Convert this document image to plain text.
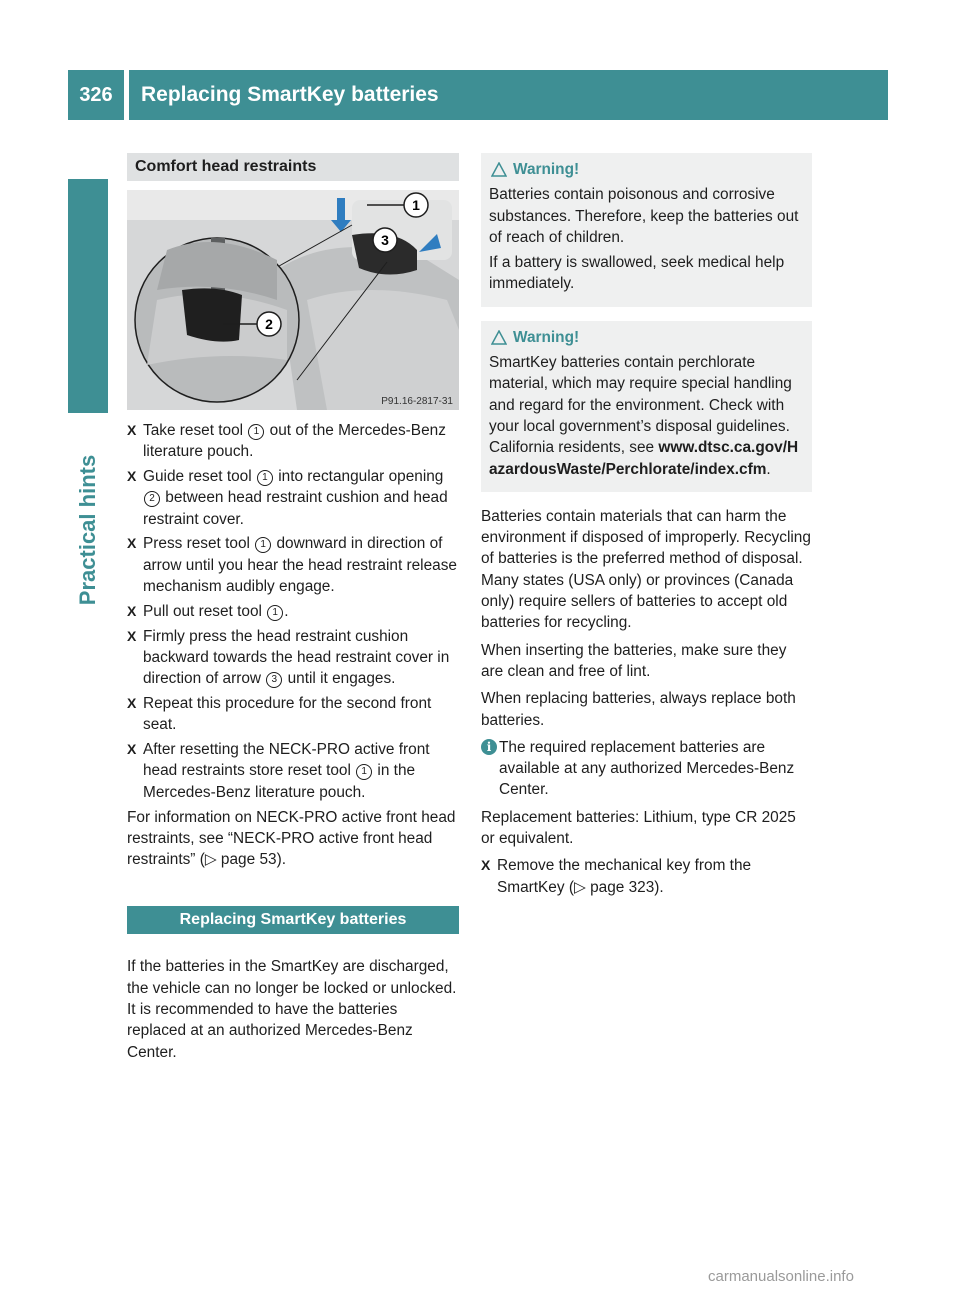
326	Replacing SmartKey batteries
Practical hints
Comfort head restraints
1
3
2
P91.16-2817-31
X Take reset tool 1 out of the Mercedes-Benz literature pouch.
X Guide reset tool 1 into rectangular opening 2 between head restraint cushion and head restraint cover.
X Press reset tool 1 downward in direction of arrow until you hear the head restraint release mechanism audibly engage.
X Pull out reset tool 1 .
X Firmly press the head restraint cushion backward towards the head restraint cover in direction of arrow 3 until it engages.
X Repeat this procedure for the second front seat.
X After resetting the NECK-PRO active front head restraints store reset tool 1 in the Mercedes-Benz literature pouch.

For information on NECK-PRO active front head restraints, see “NECK-PRO active front head restraints” (▷ page 53).

Replacing SmartKey batteries

If the batteries in the SmartKey are discharged, the vehicle can no longer be locked or unlocked. It is recommended to have the batteries replaced at an authorized Mercedes-Benz Center.

Warning!

Batteries contain poisonous and corrosive substances. Therefore, keep the batteries out of reach of children.

If a battery is swallowed, seek medical help immediately.

Warning!

SmartKey batteries contain perchlorate material, which may require special handling and regard for the environment. Check with your local government’s disposal guidelines. California residents, see www.dtsc.ca.gov/HazardousWaste/Perchlorate/index.cfm.

Batteries contain materials that can harm the environment if disposed of improperly. Recycling of batteries is the preferred method of disposal. Many states (USA only) or provinces (Canada only) require sellers of batteries to accept old batteries for recycling.

When inserting the batteries, make sure they are clean and free of lint.

When replacing batteries, always replace both batteries.

i The required replacement batteries are available at any authorized Mercedes-Benz Center.

Replacement batteries: Lithium, type CR 2025 or equivalent.

X Remove the mechanical key from the SmartKey (▷ page 323).
carmanualsonline.info
